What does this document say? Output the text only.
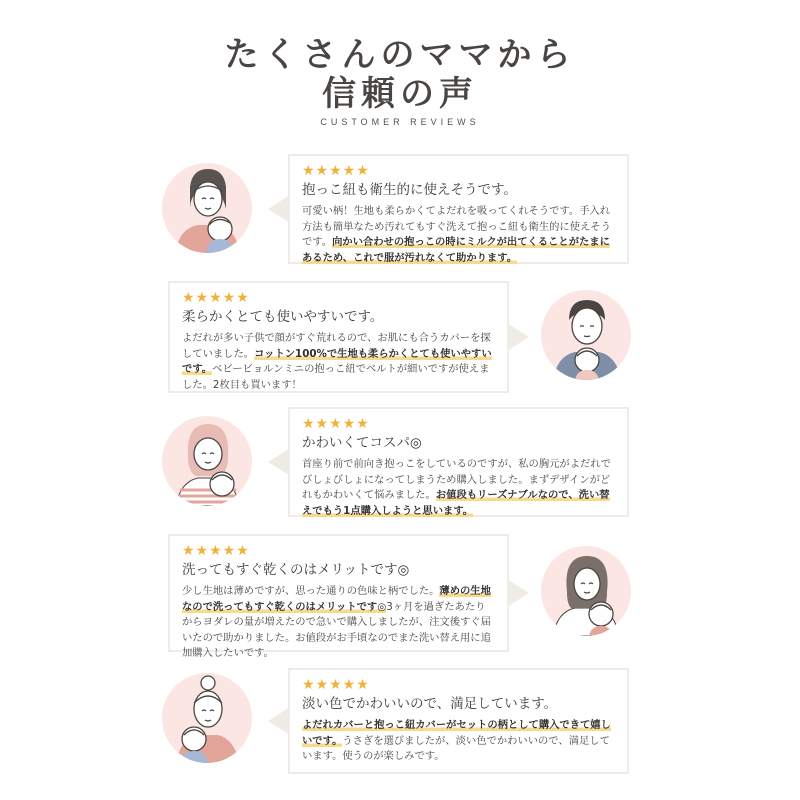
たくさんのママから
信頼の声
CUSTOMER REVIEWS
★★★★★
抱っこ紐も衛生的に使えそうです。
可愛い柄！生地も柔らかくてよだれを吸ってくれそうです。手入れ方法も簡単なため汚れてもすぐ洗えて抱っこ紐も衛生的に使えそうです。向かい合わせの抱っこの時にミルクが出てくることがたまにあるため、これで服が汚れなくて助かります。
★★★★★
柔らかくとても使いやすいです。
よだれが多い子供で顔がすぐ荒れるので、お肌にも合うカバーを探していました。コットン100%で生地も柔らかくとても使いやすいです。ベビービョルンミニの抱っこ紐でベルトが細いですが使えました。2枚目も買います！
★★★★★
かわいくてコスパ◎
首座り前で前向き抱っこをしているのですが、私の胸元がよだれでびしょびしょになってしまうため購入しました。まずデザインがどれもかわいくて悩みました。お値段もリーズナブルなので、洗い替えでもう1点購入しようと思います。
★★★★★
洗ってもすぐ乾くのはメリットです◎
少し生地は薄めですが、思った通りの色味と柄でした。薄めの生地なので洗ってもすぐ乾くのはメリットです◎3ヶ月を過ぎたあたりからヨダレの量が増えたので急いで購入しましたが、注文後すぐ届いたので助かりました。お値段がお手頃なのでまた洗い替え用に追加購入したいです。
★★★★★
淡い色でかわいいので、満足しています。
よだれカバーと抱っこ紐カバーがセットの柄として購入できて嬉しいです。うさぎを選びましたが、淡い色でかわいいので、満足しています。使うのが楽しみです。
